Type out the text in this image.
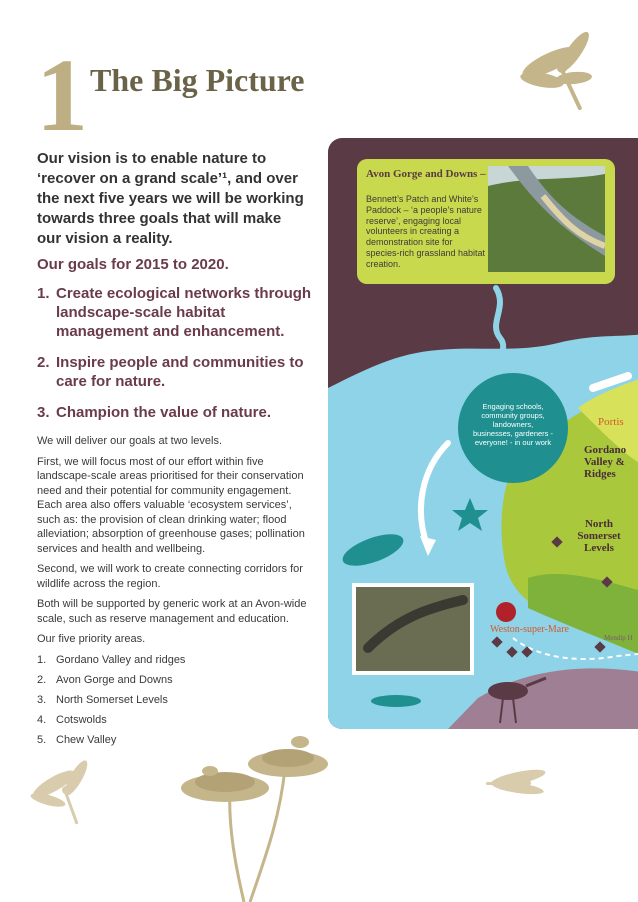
1 The Big Picture
Our vision is to enable nature to ‘recover on a grand scale’¹, and over the next five years we will be working towards three goals that will make our vision a reality.
Our goals for 2015 to 2020.
1. Create ecological networks through landscape-scale habitat management and enhancement.
2. Inspire people and communities to care for nature.
3. Champion the value of nature.

We will deliver our goals at two levels.

First, we will focus most of our effort within five landscape-scale areas prioritised for their conservation need and their potential for community engagement. Each area also offers valuable ‘ecosystem services’, such as: the provision of clean drinking water; flood alleviation; absorption of greenhouse gases; pollination services and health and wellbeing.

Second, we will work to create connecting corridors for wildlife across the region.

Both will be supported by generic work at an Avon-wide scale, such as reserve management and education.

Our five priority areas.

1. Gordano Valley and ridges
2. Avon Gorge and Downs
3. North Somerset Levels
4. Cotswolds
5. Chew Valley
Avon Gorge and Downs –
Bennett’s Patch and White’s Paddock – ‘a people’s nature reserve’, engaging local volunteers in creating a demonstration site for species-rich grassland habitat creation.
Engaging schools, community groups, landowners, businesses, gardeners - everyone! - in our work
Portis
Gordano Valley & Ridges
North Somerset Levels
Weston-super-Mare
Mendip H
